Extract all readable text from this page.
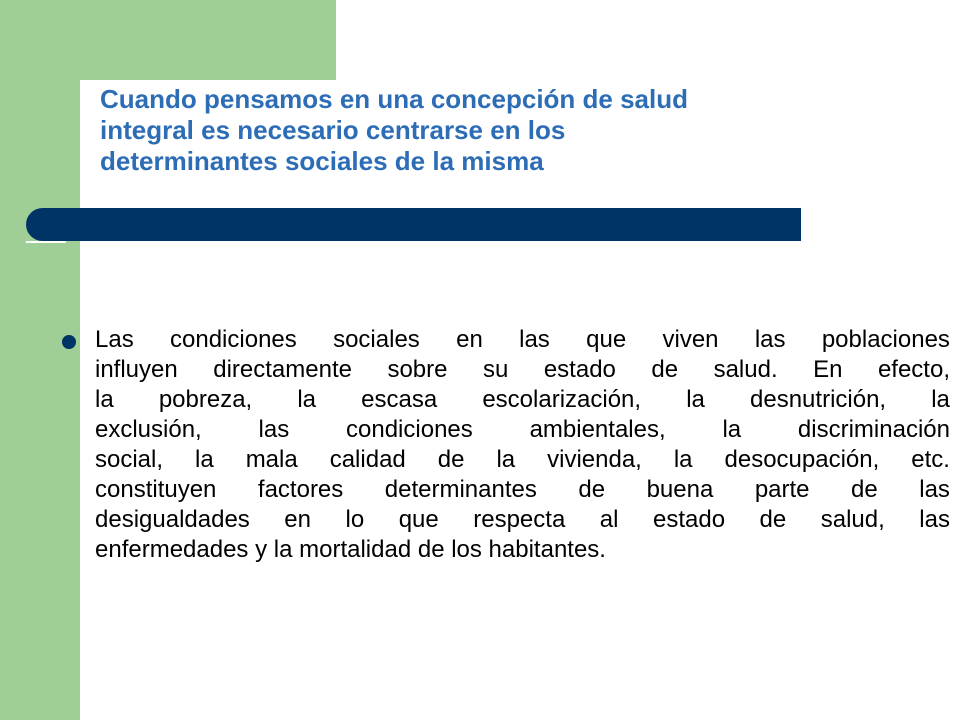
Cuando pensamos en una concepción de salud
integral es necesario centrarse en los
determinantes sociales de la misma
Las condiciones sociales en las que viven las poblaciones
influyen directamente sobre su estado de salud. En efecto,
la pobreza, la escasa escolarización, la desnutrición, la
exclusión, las condiciones ambientales, la discriminación
social, la mala calidad de la vivienda, la desocupación, etc.
constituyen factores determinantes de buena parte de las
desigualdades en lo que respecta al estado de salud, las
enfermedades y la mortalidad de los habitantes.
